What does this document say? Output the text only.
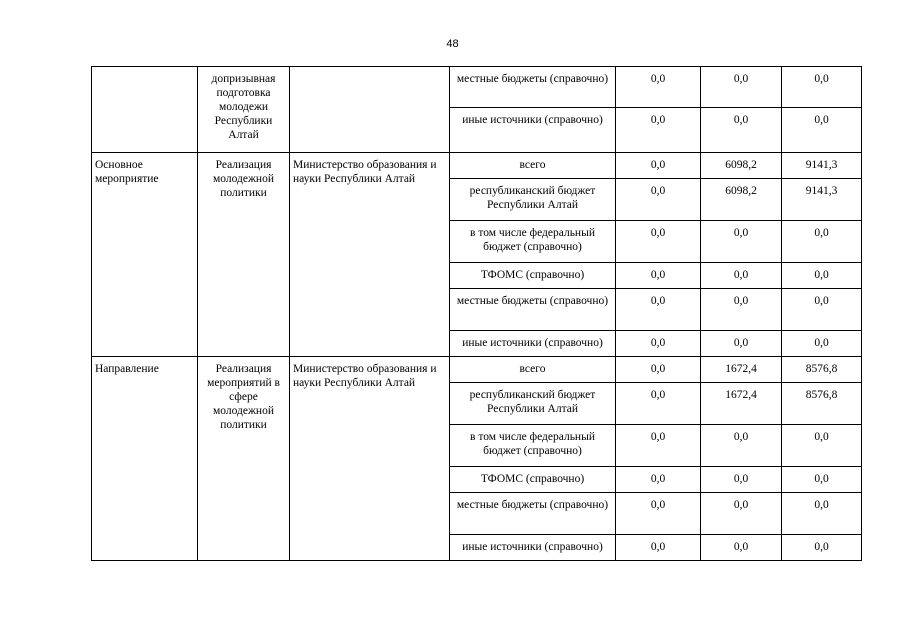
48
	допризывная подготовка молодежи Республики Алтай		местные бюджеты (справочно)	0,0	0,0	0,0
			иные источники (справочно)	0,0	0,0	0,0
Основное мероприятие	Реализация молодежной политики	Министерство образования и науки Республики Алтай	всего	0,0	6098,2	9141,3
			республиканский бюджет Республики Алтай	0,0	6098,2	9141,3
			в том числе федеральный бюджет (справочно)	0,0	0,0	0,0
			ТФОМС (справочно)	0,0	0,0	0,0
			местные бюджеты (справочно)	0,0	0,0	0,0
			иные источники (справочно)	0,0	0,0	0,0
Направление	Реализация мероприятий в сфере молодежной политики	Министерство образования и науки Республики Алтай	всего	0,0	1672,4	8576,8
			республиканский бюджет Республики Алтай	0,0	1672,4	8576,8
			в том числе федеральный бюджет (справочно)	0,0	0,0	0,0
			ТФОМС (справочно)	0,0	0,0	0,0
			местные бюджеты (справочно)	0,0	0,0	0,0
			иные источники (справочно)	0,0	0,0	0,0
